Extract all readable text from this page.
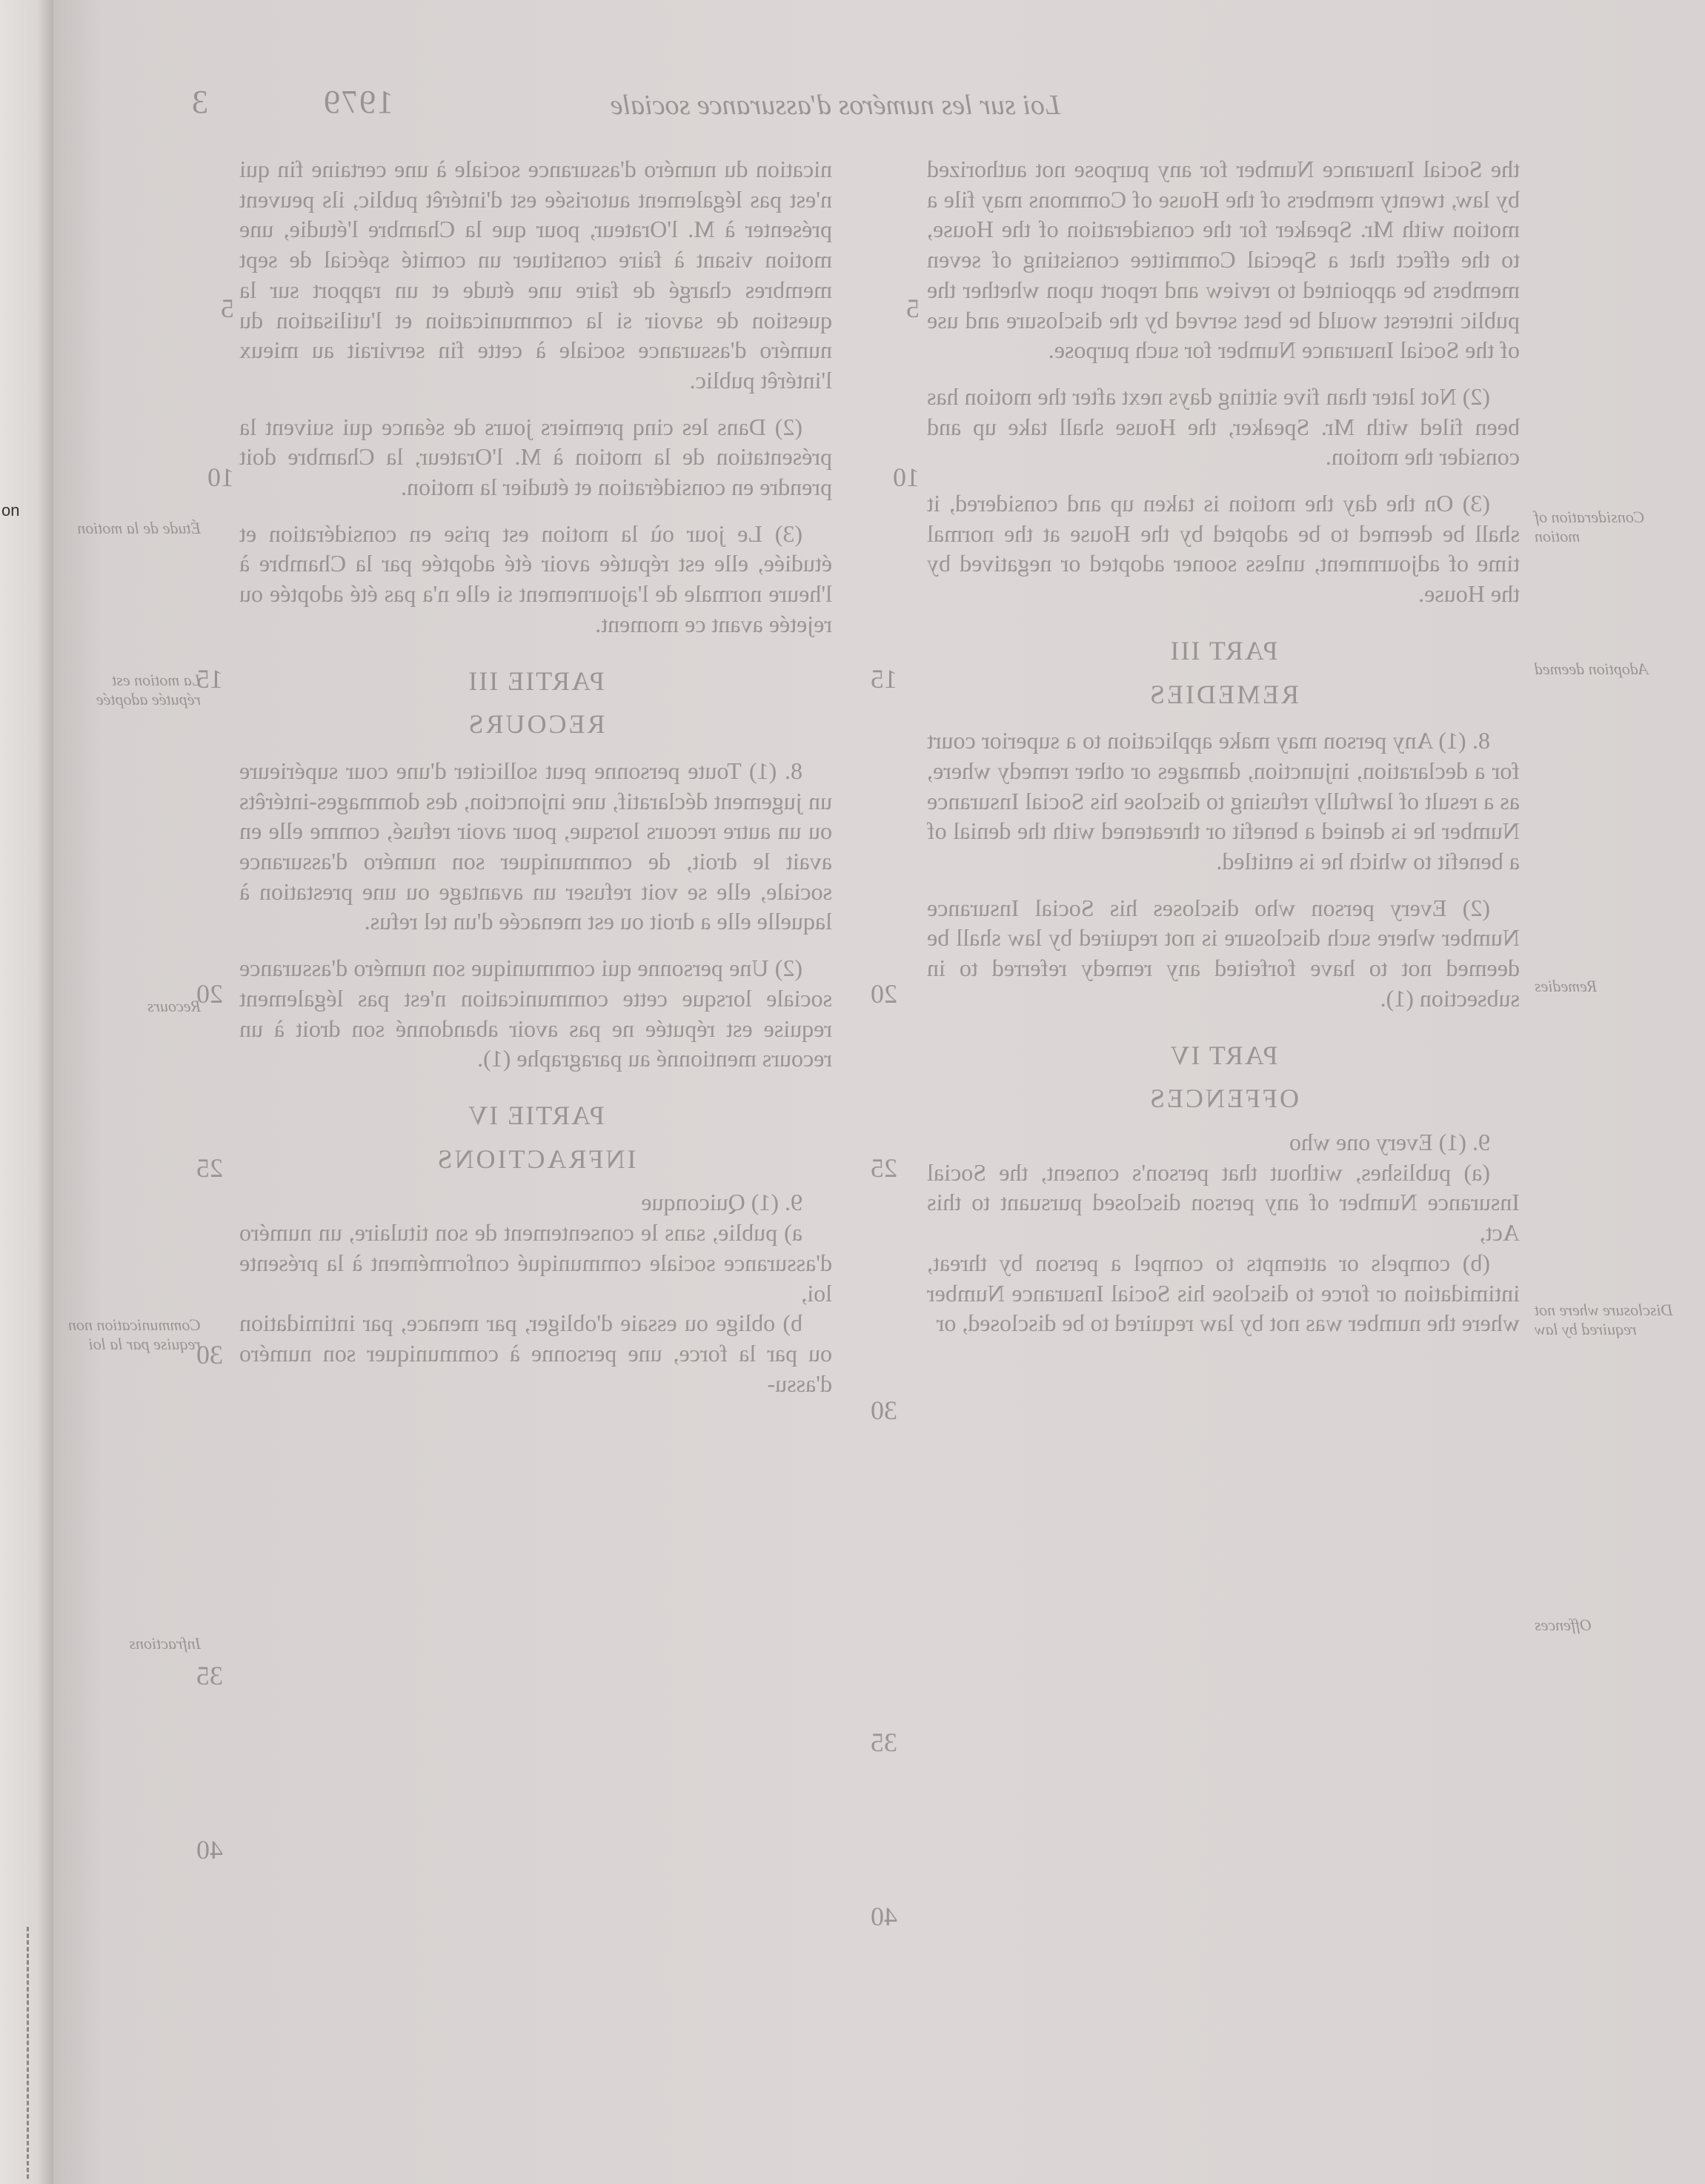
on
3	Loi sur les numéros d'assurance sociale
1979

nication du numéro d'assurance sociale à une certaine fin qui n'est pas légalement autorisée est d'intérêt public, ils peuvent présenter à M. l'Orateur, pour que la Chambre l'étudie, une motion visant à faire constituer un comité spécial de sept membres chargé de faire une étude et un rapport sur la question de savoir si la communication et l'utilisation du numéro d'assurance sociale à cette fin servirait au mieux l'intérêt public.

(2) Dans les cinq premiers jours de séance qui suivent la présentation de la motion à M. l'Orateur, la Chambre doit prendre en considération et étudier la motion.

(3) Le jour où la motion est prise en considération et étudiée, elle est réputée avoir été adoptée par la Chambre à l'heure normale de l'ajournement si elle n'a pas été adoptée ou rejetée avant ce moment.

PARTIE III
RECOURS

8. (1) Toute personne peut solliciter d'une cour supérieure un jugement déclaratif, une injonction, des dommages-intérêts ou un autre recours lorsque, pour avoir refusé, comme elle en avait le droit, de communiquer son numéro d'assurance sociale, elle se voit refuser un avantage ou une prestation à laquelle elle a droit ou est menacée d'un tel refus.

(2) Une personne qui communique son numéro d'assurance sociale lorsque cette communication n'est pas légalement requise est réputée ne pas avoir abandonné son droit à un recours mentionné au paragraphe (1).

PARTIE IV
INFRACTIONS

9. (1) Quiconque

a) publie, sans le consentement de son titulaire, un numéro d'assurance sociale communiqué conformément à la présente loi,

b) oblige ou essaie d'obliger, par menace, par intimidation ou par la force, une personne à communiquer son numéro d'assu-

the Social Insurance Number for any purpose not authorized by law, twenty members of the House of Commons may file a motion with Mr. Speaker for the consideration of the House, to the effect that a Special Committee consisting of seven members be appointed to review and report upon whether the public interest would be best served by the disclosure and use of the Social Insurance Number for such purpose.

(2) Not later than five sitting days next after the motion has been filed with Mr. Speaker, the House shall take up and consider the motion.

(3) On the day the motion is taken up and considered, it shall be deemed to be adopted by the House at the normal time of adjournment, unless sooner adopted or negatived by the House.

PART III
REMEDIES

8. (1) Any person may make application to a superior court for a declaration, injunction, damages or other remedy where, as a result of lawfully refusing to disclose his Social Insurance Number he is denied a benefit or threatened with the denial of a benefit to which he is entitled.

(2) Every person who discloses his Social Insurance Number where such disclosure is not required by law shall be deemed not to have forfeited any remedy referred to in subsection (1).

PART IV
OFFENCES

9. (1) Every one who

(a) publishes, without that person's consent, the Social Insurance Number of any person disclosed pursuant to this Act,

(b) compels or attempts to compel a person by threat, intimidation or force to disclose his Social Insurance Number where the number was not by law required to be disclosed, or

Consideration of motion
Adoption deemed
Remedies
Disclosure where not required by law
Offences
Étude de la motion
La motion est réputée adoptée
Recours
Communication non requise par la loi
Infractions
5
5
10
10
15
15
20
20
25
25
30
30
35
35
40
40
